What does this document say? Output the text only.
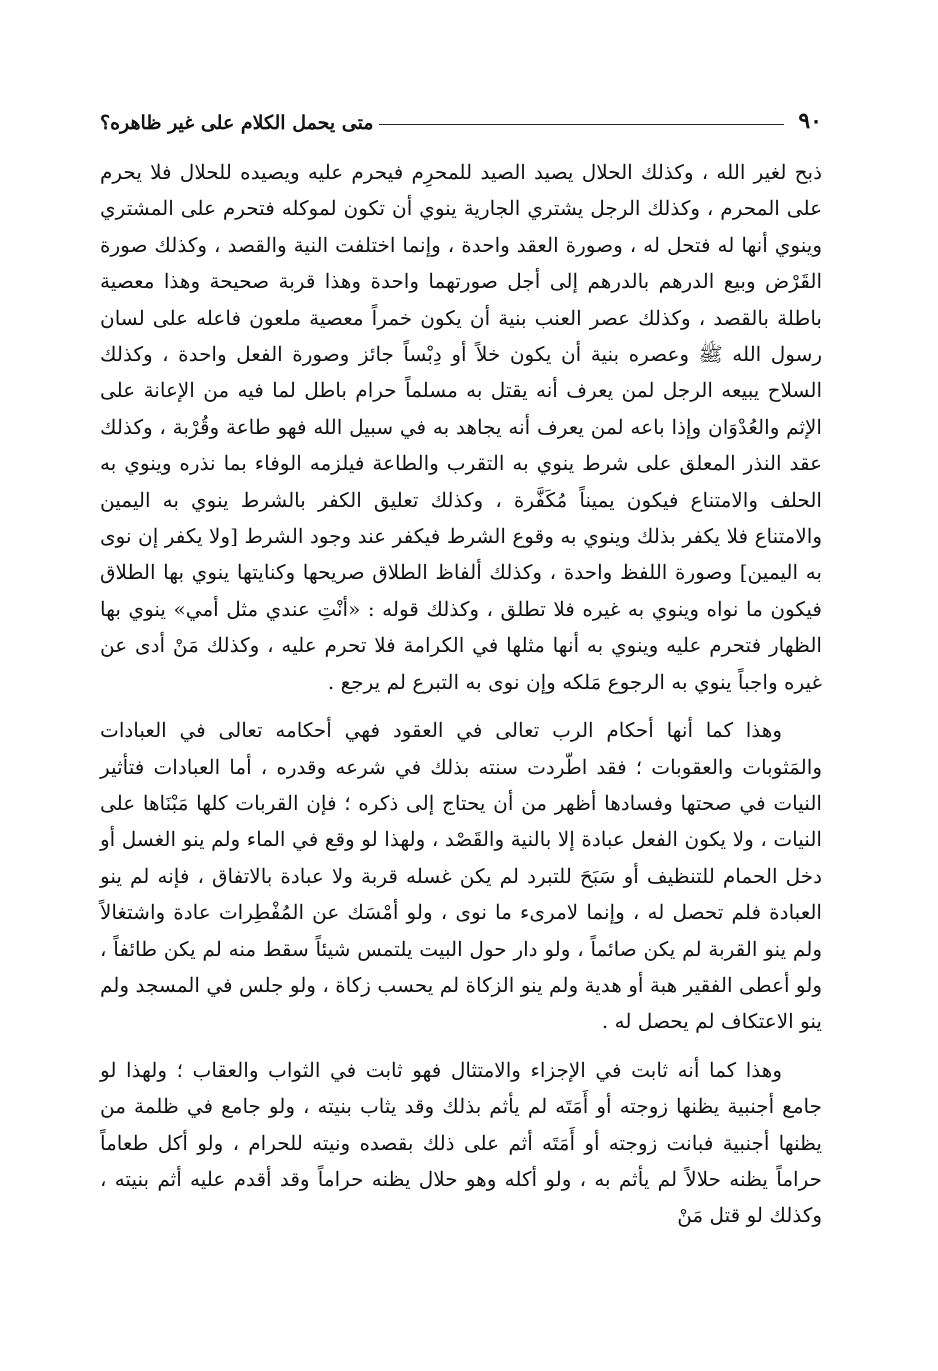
٩٠
متى يحمل الكلام على غير ظاهره؟

ذبح لغير الله ، وكذلك الحلال يصيد الصيد للمحرِم فيحرم عليه ويصيده للحلال فلا يحرم على المحرم ، وكذلك الرجل يشتري الجارية ينوي أن تكون لموكله فتحرم على المشتري وينوي أنها له فتحل له ، وصورة العقد واحدة ، وإنما اختلفت النية والقصد ، وكذلك صورة القَرْض وبيع الدرهم بالدرهم إلى أجل صورتهما واحدة وهذا قربة صحيحة وهذا معصية باطلة بالقصد ، وكذلك عصر العنب بنية أن يكون خمراً معصية ملعون فاعله على لسان رسول الله ﷺ وعصره بنية أن يكون خلاً أو دِبْساً جائز وصورة الفعل واحدة ، وكذلك السلاح يبيعه الرجل لمن يعرف أنه يقتل به مسلماً حرام باطل لما فيه من الإعانة على الإثم والعُدْوَان وإذا باعه لمن يعرف أنه يجاهد به في سبيل الله فهو طاعة وقُرْبة ، وكذلك عقد النذر المعلق على شرط ينوي به التقرب والطاعة فيلزمه الوفاء بما نذره وينوي به الحلف والامتناع فيكون يميناً مُكَفَّرة ، وكذلك تعليق الكفر بالشرط ينوي به اليمين والامتناع فلا يكفر بذلك وينوي به وقوع الشرط فيكفر عند وجود الشرط [ولا يكفر إن نوى به اليمين] وصورة اللفظ واحدة ، وكذلك ألفاظ الطلاق صريحها وكنايتها ينوي بها الطلاق فيكون ما نواه وينوي به غيره فلا تطلق ، وكذلك قوله : «أنْتِ عندي مثل أمي» ينوي بها الظهار فتحرم عليه وينوي به أنها مثلها في الكرامة فلا تحرم عليه ، وكذلك مَنْ أدى عن غيره واجباً ينوي به الرجوع مَلكه وإن نوى به التبرع لم يرجع .

وهذا كما أنها أحكام الرب تعالى في العقود فهي أحكامه تعالى في العبادات والمَثوبات والعقوبات ؛ فقد اطّردت سنته بذلك في شرعه وقدره ، أما العبادات فتأثير النيات في صحتها وفسادها أظهر من أن يحتاج إلى ذكره ؛ فإن القربات كلها مَبْنَاها على النيات ، ولا يكون الفعل عبادة إلا بالنية والقَصْد ، ولهذا لو وقع في الماء ولم ينو الغسل أو دخل الحمام للتنظيف أو سَبَحَ للتبرد لم يكن غسله قربة ولا عبادة بالاتفاق ، فإنه لم ينو العبادة فلم تحصل له ، وإنما لامرىء ما نوى ، ولو أمْسَك عن المُفْطِرات عادة واشتغالاً ولم ينو القربة لم يكن صائماً ، ولو دار حول البيت يلتمس شيئاً سقط منه لم يكن طائفاً ، ولو أعطى الفقير هبة أو هدية ولم ينو الزكاة لم يحسب زكاة ، ولو جلس في المسجد ولم ينو الاعتكاف لم يحصل له .

وهذا كما أنه ثابت في الإجزاء والامتثال فهو ثابت في الثواب والعقاب ؛ ولهذا لو جامع أجنبية يظنها زوجته أو أَمَتَه لم يأثم بذلك وقد يثاب بنيته ، ولو جامع في ظلمة من يظنها أجنبية فبانت زوجته أو أَمَتَه أثم على ذلك بقصده ونيته للحرام ، ولو أكل طعاماً حراماً يظنه حلالاً لم يأثم به ، ولو أكله وهو حلال يظنه حراماً وقد أقدم عليه أثم بنيته ، وكذلك لو قتل مَنْ
